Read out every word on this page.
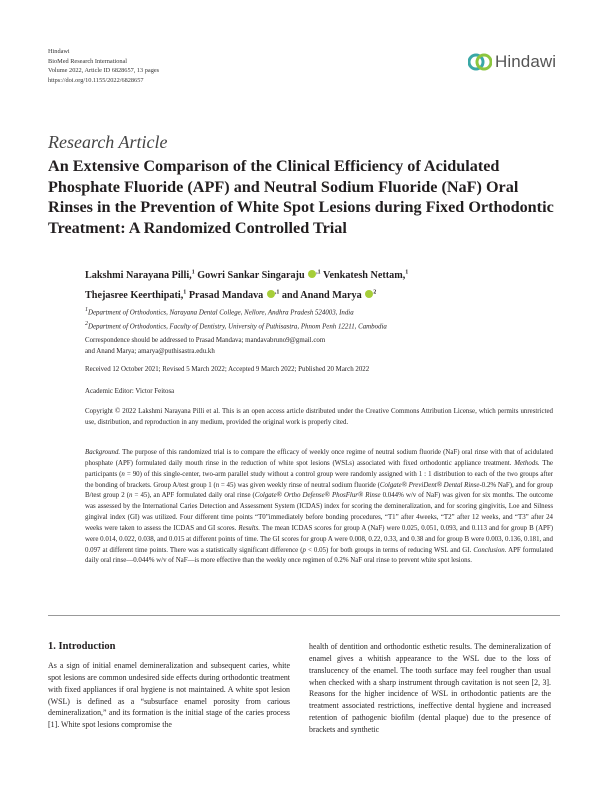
Hindawi
BioMed Research International
Volume 2022, Article ID 6828657, 13 pages
https://doi.org/10.1155/2022/6828657
Hindawi
Research Article
An Extensive Comparison of the Clinical Efficiency of Acidulated Phosphate Fluoride (APF) and Neutral Sodium Fluoride (NaF) Oral Rinses in the Prevention of White Spot Lesions during Fixed Orthodontic Treatment: A Randomized Controlled Trial
Lakshmi Narayana Pilli,$^1$ Gowri Sankar Singaraju $^{,1}$ Venkatesh Nettam,$^1$
Thejasree Keerthipati,$^1$ Prasad Mandava $^{,1}$ and Anand Marya $^2$
$^1$Department of Orthodontics, Narayana Dental College, Nellore, Andhra Pradesh 524003, India
$^2$Department of Orthodontics, Faculty of Dentistry, University of Puthisastra, Phnom Penh 12211, Cambodia
Correspondence should be addressed to Prasad Mandava; mandavabruno9@gmail.com
and Anand Marya; amarya@puthisastra.edu.kh
Received 12 October 2021; Revised 5 March 2022; Accepted 9 March 2022; Published 20 March 2022
Academic Editor: Victor Feitosa
Copyright © 2022 Lakshmi Narayana Pilli et al. This is an open access article distributed under the Creative Commons Attribution License, which permits unrestricted use, distribution, and reproduction in any medium, provided the original work is properly cited.
Background. The purpose of this randomized trial is to compare the efficacy of weekly once regime of neutral sodium fluoride (NaF) oral rinse with that of acidulated phosphate (APF) formulated daily mouth rinse in the reduction of white spot lesions (WSLs) associated with fixed orthodontic appliance treatment. Methods. The participants (n = 90) of this single-center, two-arm parallel study without a control group were randomly assigned with 1 : 1 distribution to each of the two groups after the bonding of brackets. Group A/test group 1 (n = 45) was given weekly rinse of neutral sodium fluoride (Colgate® PreviDent® Dental Rinse-0.2% NaF), and for group B/test group 2 (n = 45), an APF formulated daily oral rinse (Colgate® Ortho Defense® PhosFlur® Rinse 0.044% w/v of NaF) was given for six months. The outcome was assessed by the International Caries Detection and Assessment System (ICDAS) index for scoring the demineralization, and for scoring gingivitis, Loe and Silness gingival index (GI) was utilized. Four different time points “T0”immediately before bonding procedures, “T1” after 4weeks, “T2” after 12 weeks, and “T3” after 24 weeks were taken to assess the ICDAS and GI scores. Results. The mean ICDAS scores for group A (NaF) were 0.025, 0.051, 0.093, and 0.113 and for group B (APF) were 0.014, 0.022, 0.038, and 0.015 at different points of time. The GI scores for group A were 0.008, 0.22, 0.33, and 0.38 and for group B were 0.003, 0.136, 0.181, and 0.097 at different time points. There was a statistically significant difference (p < 0.05) for both groups in terms of reducing WSL and GI. Conclusion. APF formulated daily oral rinse—0.044% w/v of NaF—is more effective than the weekly once regimen of 0.2% NaF oral rinse to prevent white spot lesions.
1. Introduction

As a sign of initial enamel demineralization and subsequent caries, white spot lesions are common undesired side effects during orthodontic treatment with fixed appliances if oral hygiene is not maintained. A white spot lesion (WSL) is defined as a “subsurface enamel porosity from carious demineralization,” and its formation is the initial stage of the caries process [1]. White spot lesions compromise the

health of dentition and orthodontic esthetic results. The demineralization of enamel gives a whitish appearance to the WSL due to the loss of translucency of the enamel. The tooth surface may feel rougher than usual when checked with a sharp instrument through cavitation is not seen [2, 3]. Reasons for the higher incidence of WSL in orthodontic patients are the treatment associated restrictions, ineffective dental hygiene and increased retention of pathogenic biofilm (dental plaque) due to the presence of brackets and synthetic
